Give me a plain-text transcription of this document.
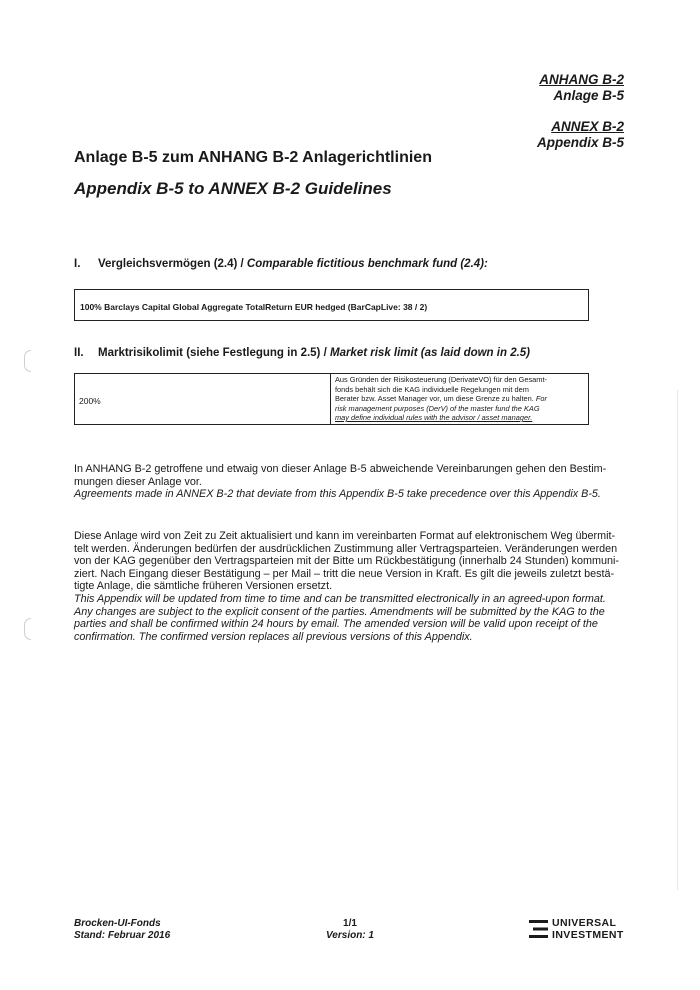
ANHANG B-2
Anlage B-5
ANNEX B-2
Appendix B-5
Anlage B-5 zum ANHANG B-2 Anlagerichtlinien
Appendix B-5 to ANNEX B-2 Guidelines
I. Vergleichsvermögen (2.4) / Comparable fictitious benchmark fund (2.4):
100% Barclays Capital Global Aggregate TotalReturn EUR hedged (BarCapLive: 38 / 2)
II. Marktrisikolimit (siehe Festlegung in 2.5) / Market risk limit (as laid down in 2.5)
200%
Aus Gründen der Risikosteuerung (DerivateVO) für den Gesamt-
fonds behält sich die KAG individuelle Regelungen mit dem
Berater bzw. Asset Manager vor, um diese Grenze zu halten. For
risk management purposes (DerV) of the master fund the KAG
may define individual rules with the advisor / asset manager.

In ANHANG B-2 getroffene und etwaig von dieser Anlage B-5 abweichende Vereinbarungen gehen den Bestim-

mungen dieser Anlage vor.

Agreements made in ANNEX B-2 that deviate from this Appendix B-5 take precedence over this Appendix B-5.

Diese Anlage wird von Zeit zu Zeit aktualisiert und kann im vereinbarten Format auf elektronischem Weg übermit-

telt werden. Änderungen bedürfen der ausdrücklichen Zustimmung aller Vertragsparteien. Veränderungen werden

von der KAG gegenüber den Vertragsparteien mit der Bitte um Rückbestätigung (innerhalb 24 Stunden) kommuni-

ziert. Nach Eingang dieser Bestätigung – per Mail – tritt die neue Version in Kraft. Es gilt die jeweils zuletzt bestä-

tigte Anlage, die sämtliche früheren Versionen ersetzt.

This Appendix will be updated from time to time and can be transmitted electronically in an agreed-upon format.

Any changes are subject to the explicit consent of the parties. Amendments will be submitted by the KAG to the

parties and shall be confirmed within 24 hours by email. The amended version will be valid upon receipt of the

confirmation. The confirmed version replaces all previous versions of this Appendix.

Brocken-UI-Fonds
Stand: Februar 2016
1/1
Version: 1
UNIVERSAL
INVESTMENT
